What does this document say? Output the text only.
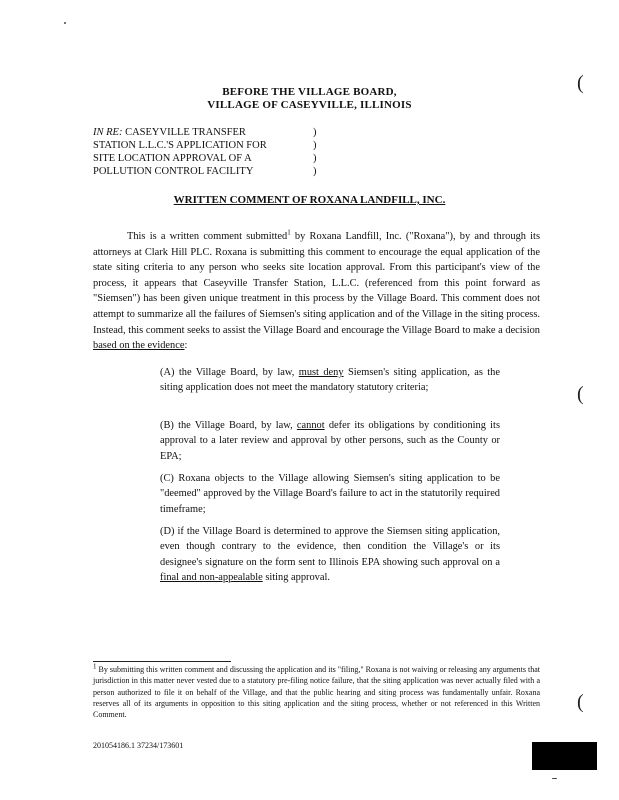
BEFORE THE VILLAGE BOARD,
VILLAGE OF CASEYVILLE, ILLINOIS
IN RE: CASEYVILLE TRANSFER
STATION L.L.C.'S APPLICATION FOR
SITE LOCATION APPROVAL OF A
POLLUTION CONTROL FACILITY
)
)
)
)
WRITTEN COMMENT OF ROXANA LANDFILL, INC.
This is a written comment submitted$^1$ by Roxana Landfill, Inc. ("Roxana"), by and through its attorneys at Clark Hill PLC. Roxana is submitting this comment to encourage the equal application of the state siting criteria to any person who seeks site location approval. From this participant's view of the process, it appears that Caseyville Transfer Station, L.L.C. (referenced from this point forward as "Siemsen") has been given unique treatment in this process by the Village Board. This comment does not attempt to summarize all the failures of Siemsen's siting application and of the Village in the siting process. Instead, this comment seeks to assist the Village Board and encourage the Village Board to make a decision based on the evidence:
(A) the Village Board, by law, must deny Siemsen's siting application, as the siting application does not meet the mandatory statutory criteria;
(B) the Village Board, by law, cannot defer its obligations by conditioning its approval to a later review and approval by other persons, such as the County or EPA;
(C) Roxana objects to the Village allowing Siemsen's siting application to be "deemed" approved by the Village Board's failure to act in the statutorily required timeframe;
(D) if the Village Board is determined to approve the Siemsen siting application, even though contrary to the evidence, then condition the Village's or its designee's signature on the form sent to Illinois EPA showing such approval on a final and non-appealable siting approval.
$^1$ By submitting this written comment and discussing the application and its "filing," Roxana is not waiving or releasing any arguments that jurisdiction in this matter never vested due to a statutory pre-filing notice failure, that the siting application was never actually filed with a person authorized to file it on behalf of the Village, and that the public hearing and siting process was fundamentally unfair. Roxana reserves all of its arguments in opposition to this siting application and the siting process, whether or not referenced in this Written Comment.
201054186.1 37234/173601
(
(
(
